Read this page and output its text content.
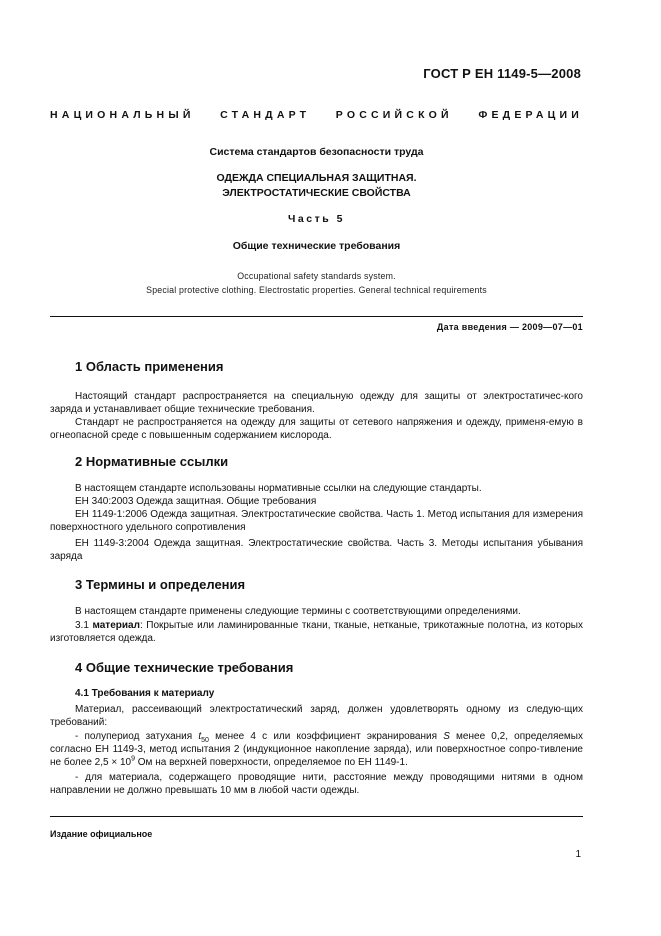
ГОСТ Р ЕН 1149-5—2008
НАЦИОНАЛЬНЫЙ СТАНДАРТ РОССИЙСКОЙ ФЕДЕРАЦИИ
Система стандартов безопасности труда
ОДЕЖДА СПЕЦИАЛЬНАЯ ЗАЩИТНАЯ.
ЭЛЕКТРОСТАТИЧЕСКИЕ СВОЙСТВА
Часть 5
Общие технические требования
Occupational safety standards system.
Special protective clothing. Electrostatic properties. General technical requirements
Дата введения — 2009—07—01
1 Область применения

Настоящий стандарт распространяется на специальную одежду для защиты от электростатичес-кого заряда и устанавливает общие технические требования.

Стандарт не распространяется на одежду для защиты от сетевого напряжения и одежду, применя-емую в огнеопасной среде с повышенным содержанием кислорода.

2 Нормативные ссылки

В настоящем стандарте использованы нормативные ссылки на следующие стандарты.

ЕН 340:2003 Одежда защитная. Общие требования

ЕН 1149-1:2006 Одежда защитная. Электростатические свойства. Часть 1. Метод испытания для измерения поверхностного удельного сопротивления

ЕН 1149-3:2004 Одежда защитная. Электростатические свойства. Часть 3. Методы испытания убывания заряда

3 Термины и определения

В настоящем стандарте применены следующие термины с соответствующими определениями.

3.1 материал: Покрытые или ламинированные ткани, тканые, нетканые, трикотажные полотна, из которых изготовляется одежда.

4 Общие технические требования
4.1 Требования к материалу

Материал, рассеивающий электростатический заряд, должен удовлетворять одному из следую-щих требований:

- полупериод затухания $t_{50}$ менее 4 с или коэффициент экранирования S менее 0,2, определяемых согласно ЕН 1149-3, метод испытания 2 (индукционное накопление заряда), или поверхностное сопро-тивление не более $2,5 \times 10^9$ Ом на верхней поверхности, определяемое по ЕН 1149-1.

- для материала, содержащего проводящие нити, расстояние между проводящими нитями в одном направлении не должно превышать 10 мм в любой части одежды.

Издание официальное
1
